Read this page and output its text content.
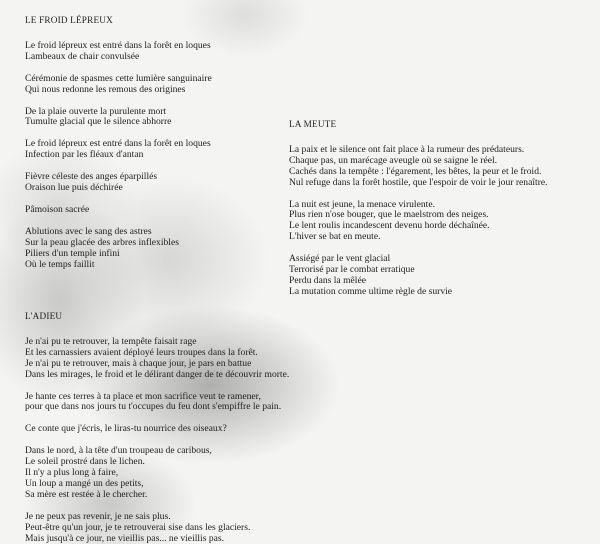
LE FROID LÉPREUX
Le froid lépreux est entré dans la forêt en loques
Lambeaux de chair convulsée
Cérémonie de spasmes cette lumière sanguinaire
Qui nous redonne les remous des origines
De la plaie ouverte la purulente mort
Tumulte glacial que le silence abhorre
Le froid lépreux est entré dans la forêt en loques
Infection par les fléaux d'antan
Fièvre céleste des anges éparpillés
Oraison lue puis déchirée
Pâmoison sacrée
Ablutions avec le sang des astres
Sur la peau glacée des arbres inflexibles
Piliers d'un temple infini
Où le temps faillit
LA MEUTE
La paix et le silence ont fait place à la rumeur des prédateurs.
Chaque pas, un marécage aveugle où se saigne le réel.
Cachés dans la tempête : l'égarement, les bêtes, la peur et le froid.
Nul refuge dans la forêt hostile, que l'espoir de voir le jour renaître.
La nuit est jeune, la menace virulente.
Plus rien n'ose bouger, que le maelstrom des neiges.
Le lent roulis incandescent devenu horde déchaînée.
L'hiver se bat en meute.
Assiégé par le vent glacial
Terrorisé par le combat erratique
Perdu dans la mêlée
La mutation comme ultime règle de survie
L'ADIEU
Je n'ai pu te retrouver, la tempête faisait rage
Et les carnassiers avaient déployé leurs troupes dans la forêt.
Je n'ai pu te retrouver, mais à chaque jour, je pars en battue
Dans les mirages, le froid et le délirant danger de te découvrir morte.
Je hante ces terres à ta place et mon sacrifice veut te ramener,
pour que dans nos jours tu t'occupes du feu dont s'empiffre le pain.
Ce conte que j'écris, le liras-tu nourrice des oiseaux?
Dans le nord, à la tête d'un troupeau de caribous,
Le soleil prostré dans le lichen.
Il n'y a plus long à faire,
Un loup a mangé un des petits,
Sa mère est restée à le chercher.
Je ne peux pas revenir, je ne sais plus.
Peut-être qu'un jour, je te retrouverai sise dans les glaciers.
Mais jusqu'à ce jour, ne vieillis pas... ne vieillis pas.
